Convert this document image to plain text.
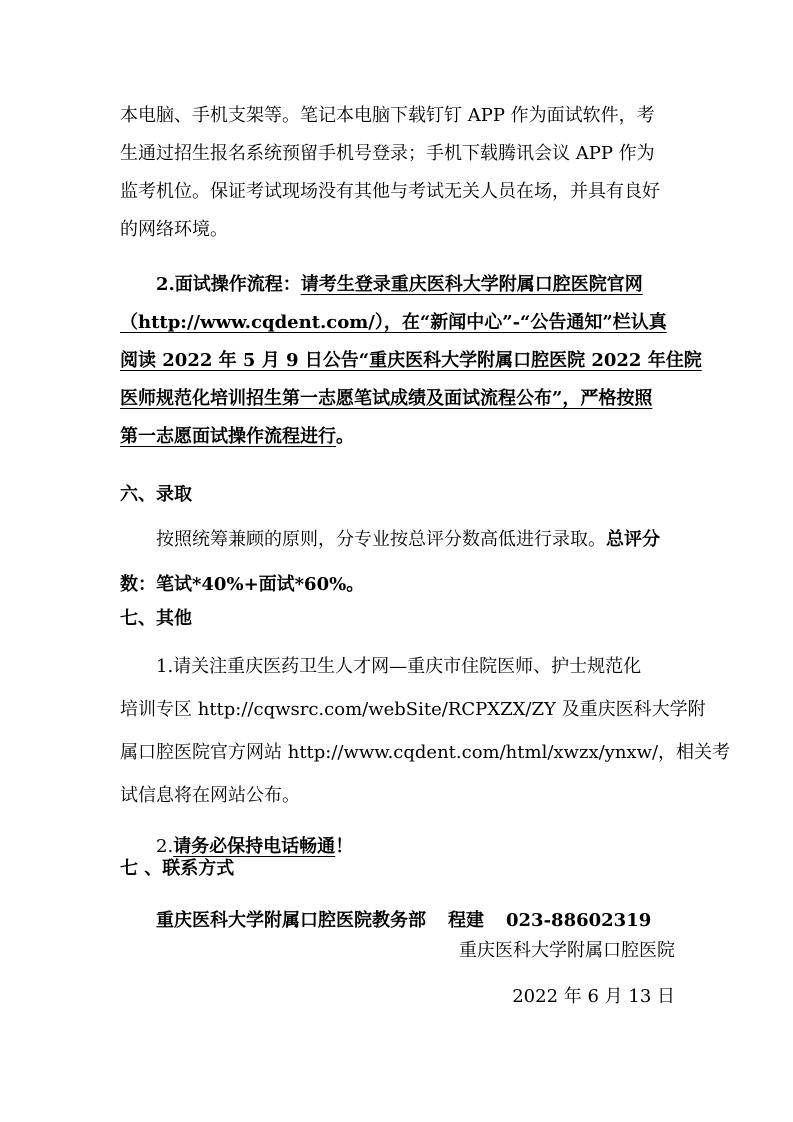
本电脑、手机支架等。笔记本电脑下载钉钉 APP 作为面试软件，考
生通过招生报名系统预留手机号登录；手机下载腾讯会议 APP 作为
监考机位。保证考试现场没有其他与考试无关人员在场，并具有良好
的网络环境。
2.面试操作流程：请考生登录重庆医科大学附属口腔医院官网
（http://www.cqdent.com/），在“新闻中心”-“公告通知”栏认真
阅读 2022 年 5 月 9 日公告“重庆医科大学附属口腔医院 2022 年住院
医师规范化培训招生第一志愿笔试成绩及面试流程公布”，严格按照
第一志愿面试操作流程进行。
六、录取
按照统筹兼顾的原则，分专业按总评分数高低进行录取。总评分
数：笔试*40%+面试*60%。
七、其他
1.请关注重庆医药卫生人才网—重庆市住院医师、护士规范化
培训专区 http://cqwsrc.com/webSite/RCPXZX/ZY 及重庆医科大学附
属口腔医院官方网站 http://www.cqdent.com/html/xwzx/ynxw/，相关考
试信息将在网站公布。
2.请务必保持电话畅通！
七 、联系方式
重庆医科大学附属口腔医院教务部 程建 023-88602319
重庆医科大学附属口腔医院
2022 年 6 月 13 日
